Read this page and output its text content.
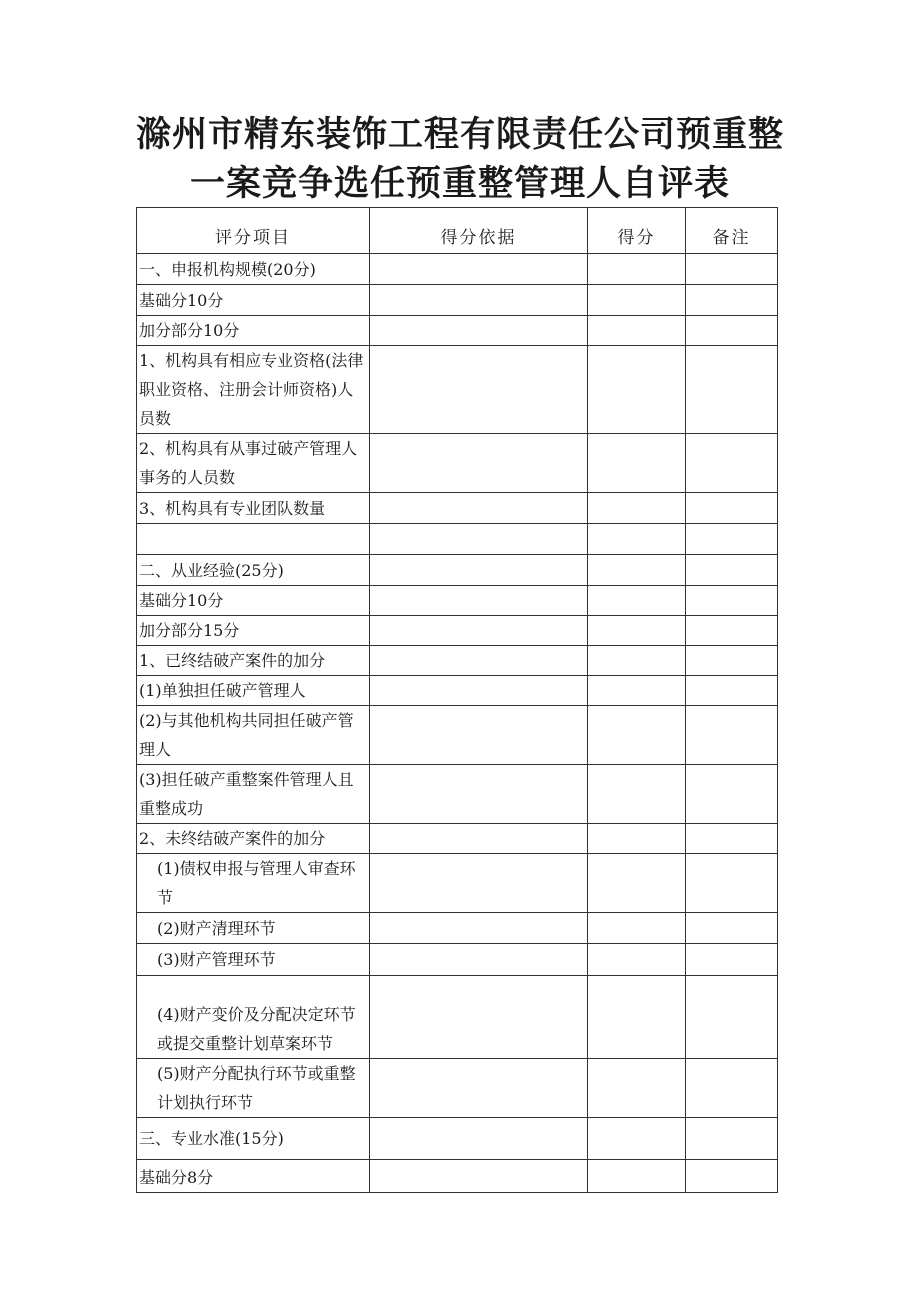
滁州市精东装饰工程有限责任公司预重整
一案竞争选任预重整管理人自评表
评分项目	得分依据	得分	备注
一、申报机构规模(20分)			
基础分10分			
加分部分10分			
1、机构具有相应专业资格(法律职业资格、注册会计师资格)人员数			
2、机构具有从事过破产管理人事务的人员数			
3、机构具有专业团队数量			

二、从业经验(25分)			
基础分10分			
加分部分15分			
1、已终结破产案件的加分			
(1)单独担任破产管理人			
(2)与其他机构共同担任破产管理人			
(3)担任破产重整案件管理人且重整成功			
2、未终结破产案件的加分			
(1)债权申报与管理人审查环节			
(2)财产清理环节			
(3)财产管理环节			
(4)财产变价及分配决定环节或提交重整计划草案环节			
(5)财产分配执行环节或重整计划执行环节			
三、专业水准(15分)			
基础分8分			
